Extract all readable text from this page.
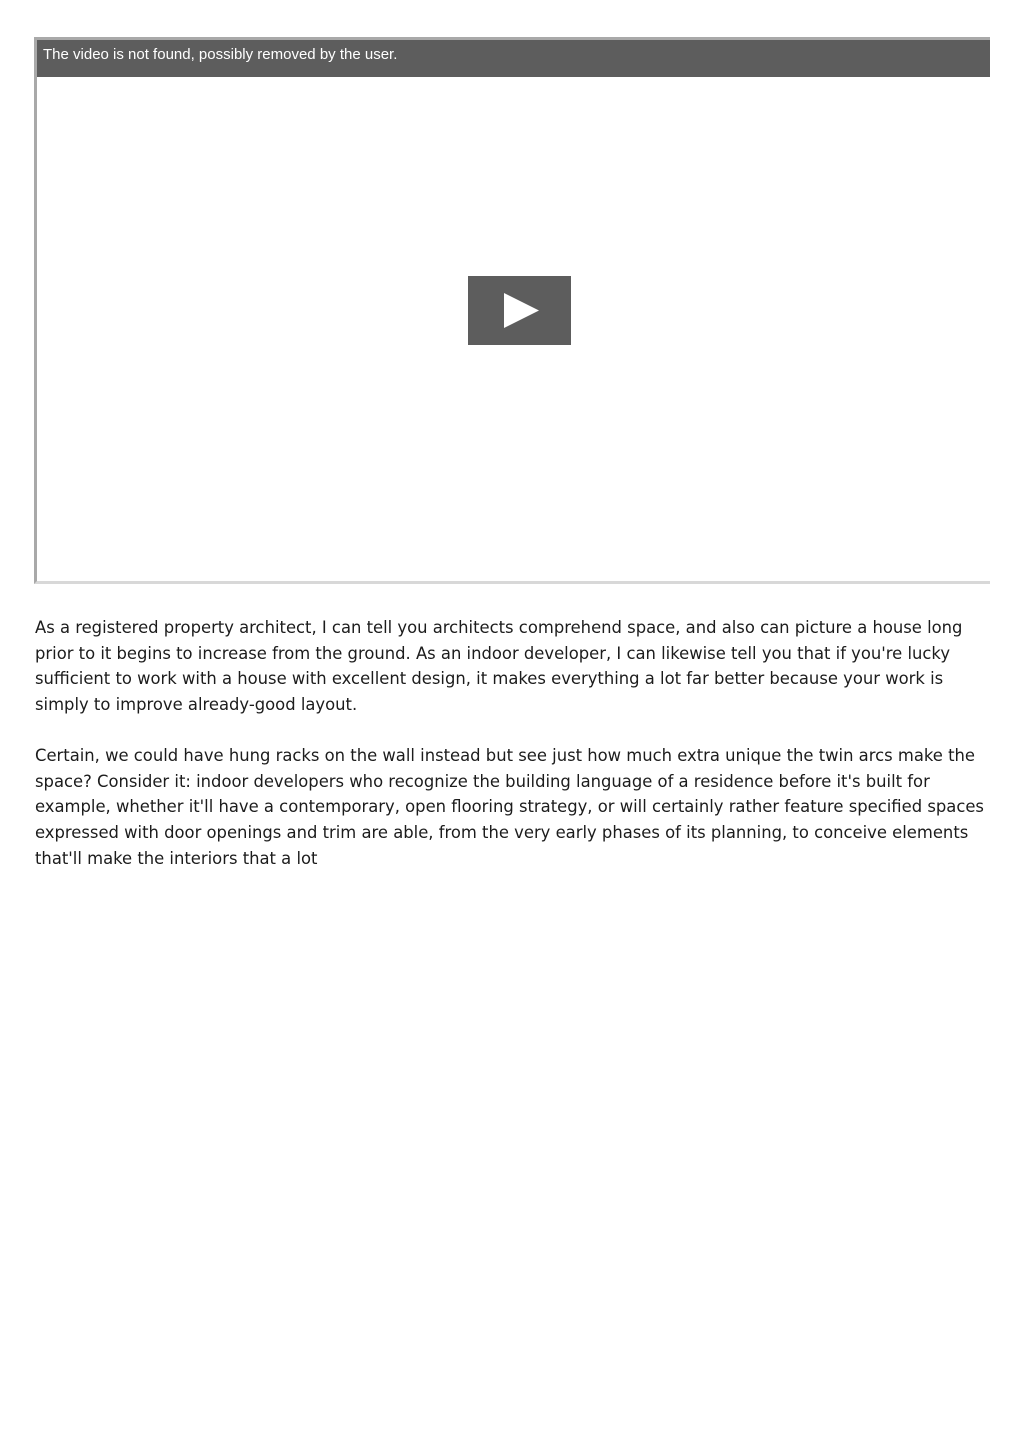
The video is not found, possibly removed by the user.

As a registered property architect, I can tell you architects comprehend space, and also can picture a house long prior to it begins to increase from the ground. As an indoor developer, I can likewise tell you that if you're lucky sufficient to work with a house with excellent design, it makes everything a lot far better because your work is simply to improve already-good layout.

Certain, we could have hung racks on the wall instead but see just how much extra unique the twin arcs make the space? Consider it: indoor developers who recognize the building language of a residence before it's built for example, whether it'll have a contemporary, open flooring strategy, or will certainly rather feature specified spaces expressed with door openings and trim are able, from the very early phases of its planning, to conceive elements that'll make the interiors that a lot
